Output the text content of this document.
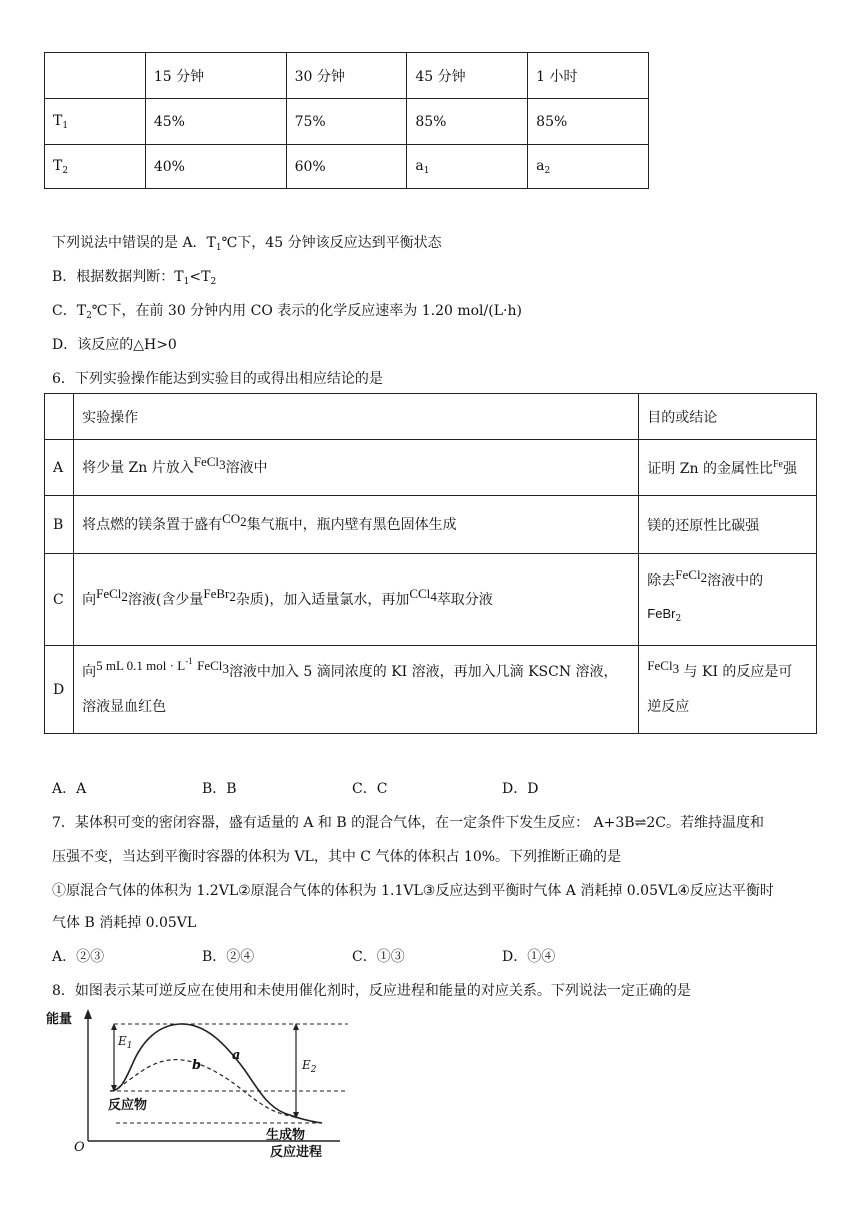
	15 分钟	30 分钟	45 分钟	1 小时
$T_1$	45%	75%	85%	85%
$T_2$	40%	60%	$a_1$	$a_2$
下列说法中错误的是 A．$T_1℃$下，45 分钟该反应达到平衡状态
B．根据数据判断：$T_1<T_2$
C．$T_2℃$下，在前 30 分钟内用 CO 表示的化学反应速率为 1.20 mol/(L·h)
D．该反应的△H>0
6．下列实验操作能达到实验目的或得出相应结论的是
	实验操作	目的或结论
A	将少量 Zn 片放入FeCl3溶液中	证明 Zn 的金属性比$^{Fe}$强
B	将点燃的镁条置于盛有CO2集气瓶中，瓶内壁有黑色固体生成	镁的还原性比碳强
C	向FeCl2溶液(含少量FeBr2杂质)，加入适量氯水，再加CCl4萃取分液	除去FeCl2溶液中的
FeBr$_2$
D	向5 mL 0.1 mol · $L^{-1}$ FeCl3溶液中加入 5 滴同浓度的 KI 溶液，再加入几滴 KSCN 溶液，
溶液显血红色	FeCl3 与 KI 的反应是可
逆反应
A．A	B．B	C．C	D．D
7．某体积可变的密闭容器，盛有适量的 A 和 B 的混合气体，在一定条件下发生反应： A+3B⇌2C。若维持温度和
压强不变，当达到平衡时容器的体积为 VL，其中 C 气体的体积占 10%。下列推断正确的是
①原混合气体的体积为 1.2VL②原混合气体的体积为 1.1VL③反应达到平衡时气体 A 消耗掉 0.05VL④反应达平衡时
气体 B 消耗掉 0.05VL
A．②③	B．②④	C．①③	D．①④
8．如图表示某可逆反应在使用和未使用催化剂时，反应进程和能量的对应关系。下列说法一定正确的是
能量
$E_1$
$E_2$
a
b
反应物
生成物
O	反应进程
